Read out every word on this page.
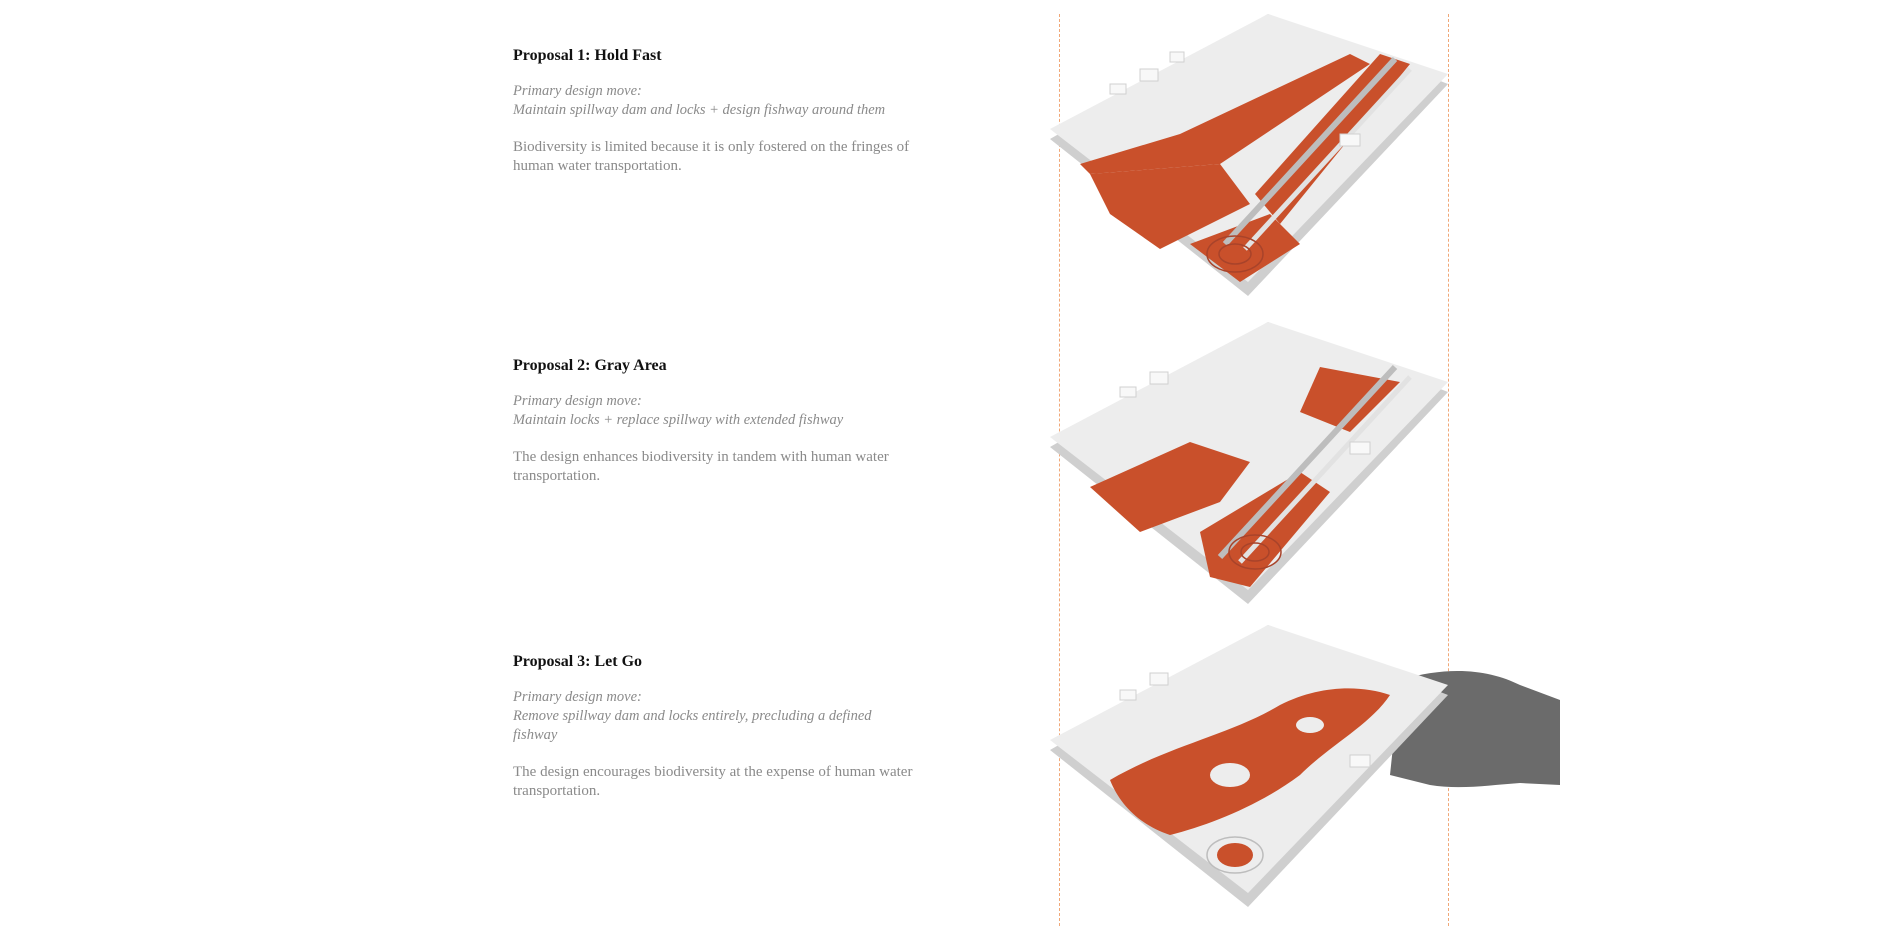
Proposal 1: Hold Fast

Primary design move:
Maintain spillway dam and locks + design fishway around them

Biodiversity is limited because it is only fostered on the fringes of human water transportation.

Proposal 2: Gray Area

Primary design move:
Maintain locks + replace spillway with extended fishway

The design enhances biodiversity in tandem with human water transportation.

Proposal 3: Let Go

Primary design move:
Remove spillway dam and locks entirely, precluding a defined fishway

The design encourages biodiversity at the expense of human water transportation.
